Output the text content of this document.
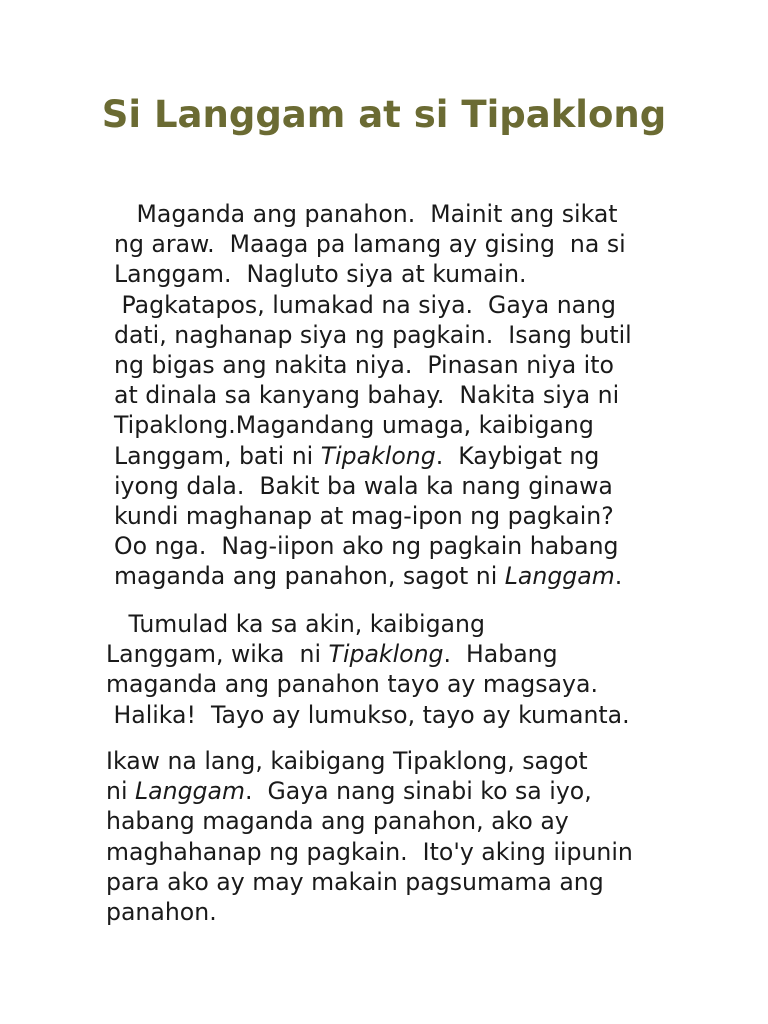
Si Langgam at si Tipaklong
Maganda ang panahon.  Mainit ang sikat
ng araw.  Maaga pa lamang ay gising  na si
Langgam.  Nagluto siya at kumain.
Pagkatapos, lumakad na siya.  Gaya nang
dati, naghanap siya ng pagkain.  Isang butil
ng bigas ang nakita niya.  Pinasan niya ito
at dinala sa kanyang bahay.  Nakita siya ni
Tipaklong.Magandang umaga, kaibigang
Langgam, bati ni Tipaklong.  Kaybigat ng
iyong dala.  Bakit ba wala ka nang ginawa
kundi maghanap at mag-ipon ng pagkain?
Oo nga.  Nag-iipon ako ng pagkain habang
maganda ang panahon, sagot ni Langgam.
Tumulad ka sa akin, kaibigang
Langgam, wika  ni Tipaklong.  Habang
maganda ang panahon tayo ay magsaya.
Halika!  Tayo ay lumukso, tayo ay kumanta.
Ikaw na lang, kaibigang Tipaklong, sagot
ni Langgam.  Gaya nang sinabi ko sa iyo,
habang maganda ang panahon, ako ay
maghahanap ng pagkain.  Ito'y aking iipunin
para ako ay may makain pagsumama ang
panahon.
